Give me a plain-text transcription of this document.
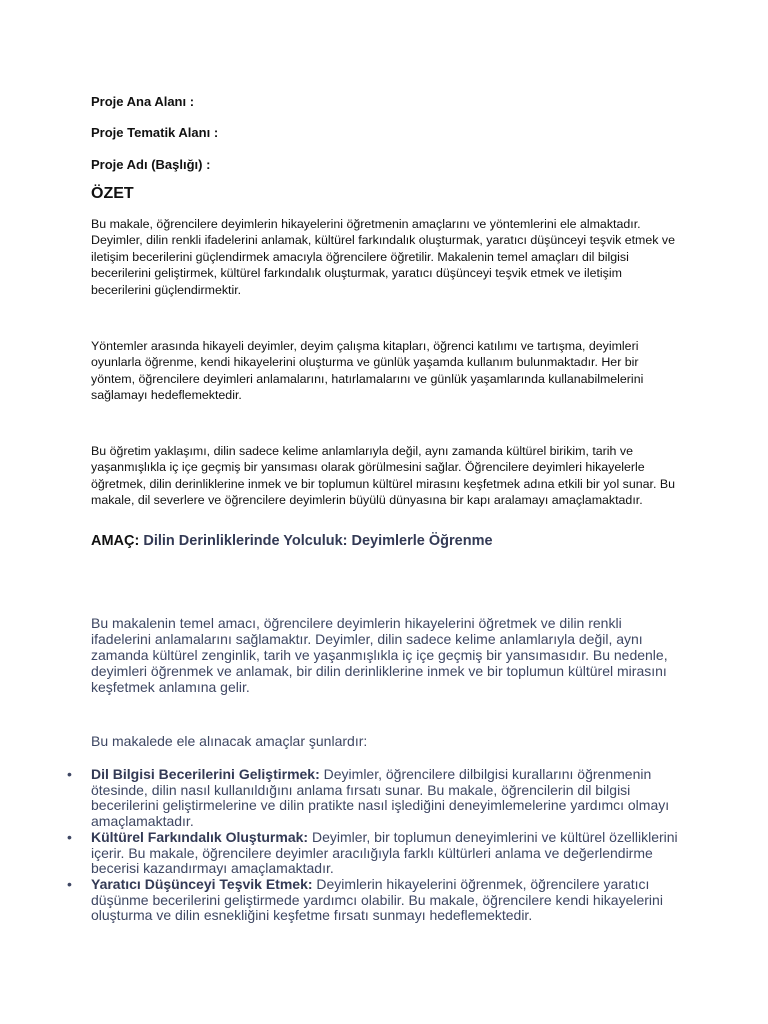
Proje Ana Alanı :

Proje Tematik Alanı :

Proje Adı (Başlığı) :

ÖZET

Bu makale, öğrencilere deyimlerin hikayelerini öğretmenin amaçlarını ve yöntemlerini ele almaktadır. Deyimler, dilin renkli ifadelerini anlamak, kültürel farkındalık oluşturmak, yaratıcı düşünceyi teşvik etmek ve iletişim becerilerini güçlendirmek amacıyla öğrencilere öğretilir. Makalenin temel amaçları dil bilgisi becerilerini geliştirmek, kültürel farkındalık oluşturmak, yaratıcı düşünceyi teşvik etmek ve iletişim becerilerini güçlendirmektir.

Yöntemler arasında hikayeli deyimler, deyim çalışma kitapları, öğrenci katılımı ve tartışma, deyimleri oyunlarla öğrenme, kendi hikayelerini oluşturma ve günlük yaşamda kullanım bulunmaktadır. Her bir yöntem, öğrencilere deyimleri anlamalarını, hatırlamalarını ve günlük yaşamlarında kullanabilmelerini sağlamayı hedeflemektedir.

Bu öğretim yaklaşımı, dilin sadece kelime anlamlarıyla değil, aynı zamanda kültürel birikim, tarih ve yaşanmışlıkla iç içe geçmiş bir yansıması olarak görülmesini sağlar. Öğrencilere deyimleri hikayelerle öğretmek, dilin derinliklerine inmek ve bir toplumun kültürel mirasını keşfetmek adına etkili bir yol sunar. Bu makale, dil severlere ve öğrencilere deyimlerin büyülü dünyasına bir kapı aralamayı amaçlamaktadır.

AMAÇ: Dilin Derinliklerinde Yolculuk: Deyimlerle Öğrenme

Bu makalenin temel amacı, öğrencilere deyimlerin hikayelerini öğretmek ve dilin renkli ifadelerini anlamalarını sağlamaktır. Deyimler, dilin sadece kelime anlamlarıyla değil, aynı zamanda kültürel zenginlik, tarih ve yaşanmışlıkla iç içe geçmiş bir yansımasıdır. Bu nedenle, deyimleri öğrenmek ve anlamak, bir dilin derinliklerine inmek ve bir toplumun kültürel mirasını keşfetmek anlamına gelir.

Bu makalede ele alınacak amaçlar şunlardır:

• Dil Bilgisi Becerilerini Geliştirmek: Deyimler, öğrencilere dilbilgisi kurallarını öğrenmenin ötesinde, dilin nasıl kullanıldığını anlama fırsatı sunar. Bu makale, öğrencilerin dil bilgisi becerilerini geliştirmelerine ve dilin pratikte nasıl işlediğini deneyimlemelerine yardımcı olmayı amaçlamaktadır.
• Kültürel Farkındalık Oluşturmak: Deyimler, bir toplumun deneyimlerini ve kültürel özelliklerini içerir. Bu makale, öğrencilere deyimler aracılığıyla farklı kültürleri anlama ve değerlendirme becerisi kazandırmayı amaçlamaktadır.
• Yaratıcı Düşünceyi Teşvik Etmek: Deyimlerin hikayelerini öğrenmek, öğrencilere yaratıcı düşünme becerilerini geliştirmede yardımcı olabilir. Bu makale, öğrencilere kendi hikayelerini oluşturma ve dilin esnekliğini keşfetme fırsatı sunmayı hedeflemektedir.
